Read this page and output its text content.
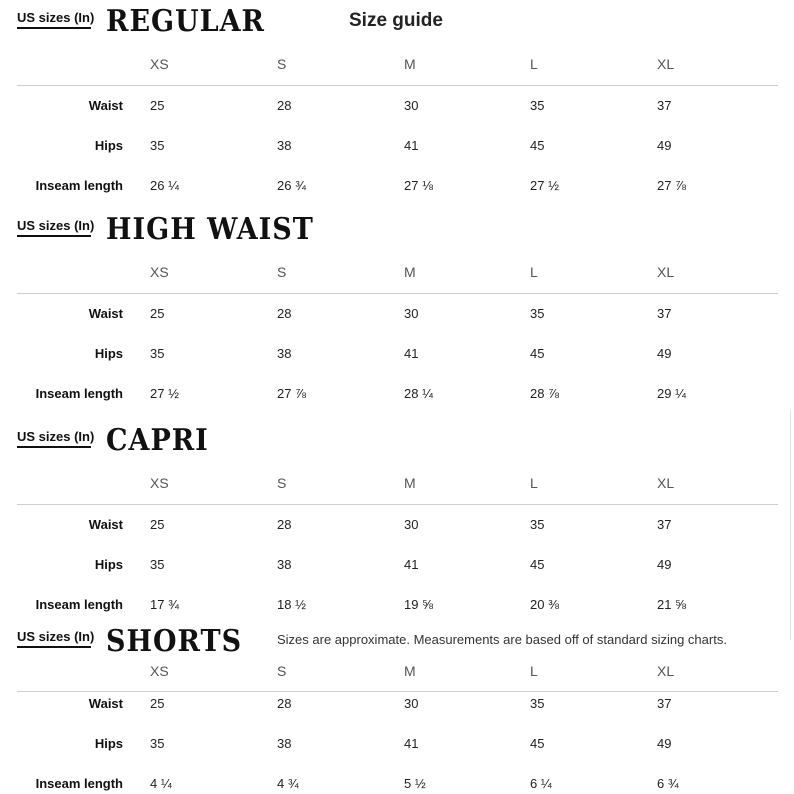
Size guide
Sizes are approximate. Measurements are based off of standard sizing charts.
US sizes (In) REGULAR
XS	S	M	L	XL
Waist 25	28	30	35	37
Hips 35	38	41	45	49
Inseam length 26 ¼	26 ¾	27 ⅛	27 ½	27 ⅞
US sizes (In) HIGH WAIST
XS	S	M	L	XL
Waist 25	28	30	35	37
Hips 35	38	41	45	49
Inseam length 27 ½	27 ⅞	28 ¼	28 ⅞	29 ¼
US sizes (In) CAPRI
XS	S	M	L	XL
Waist 25	28	30	35	37
Hips 35	38	41	45	49
Inseam length 17 ¾	18 ½	19 ⅝	20 ⅜	21 ⅝
US sizes (In) SHORTS
XS	S	M	L	XL
Waist 25	28	30	35	37
Hips 35	38	41	45	49
Inseam length 4 ¼	4 ¾	5 ½	6 ¼	6 ¾
